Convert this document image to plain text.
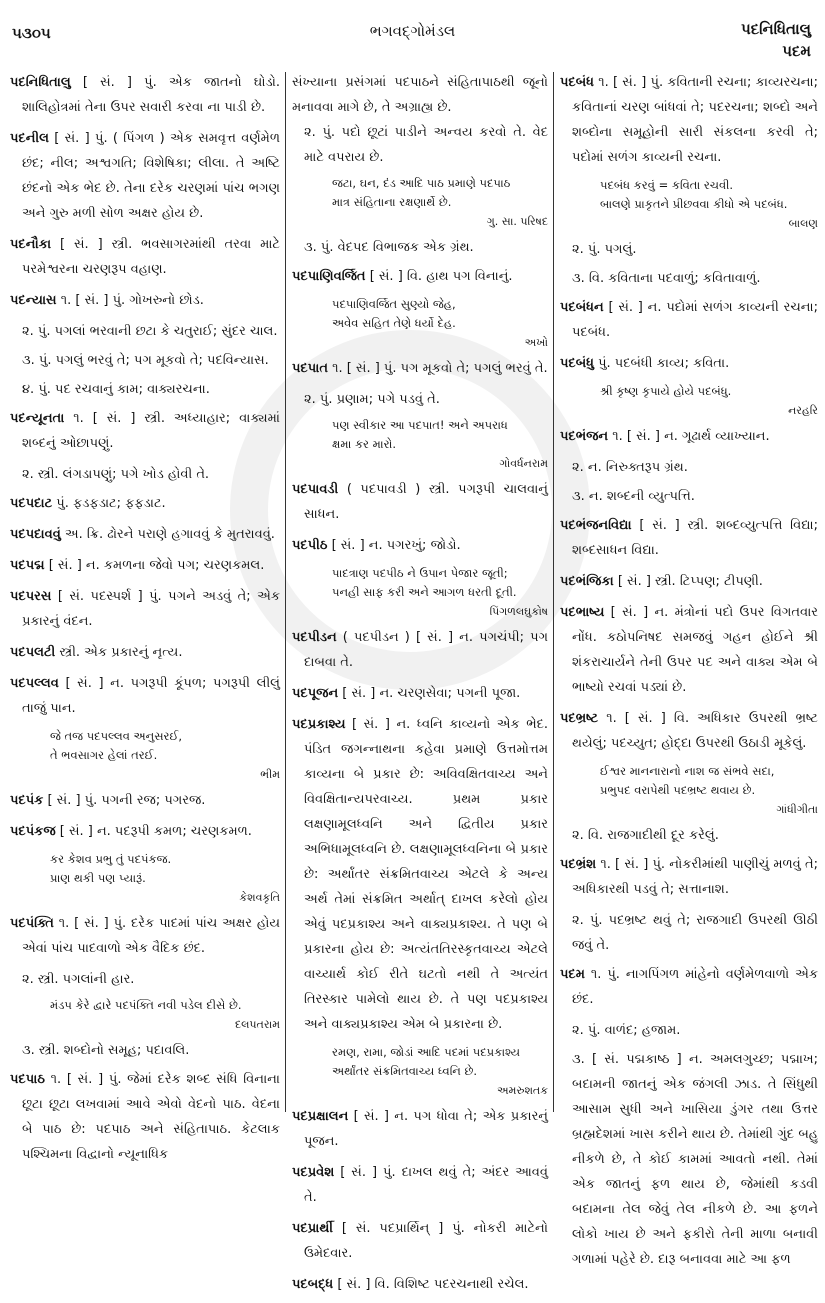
૫૩૦૫	ભગવદ્ગોમંડલ	પદનિધિતાલુ
પદમ
પદનિધિતાલુ [ સં. ] પું. એક જાતનો ઘોડો. શાલિહોત્રમાં તેના ઉપર સવારી કરવા ના પાડી છે.
પદનીલ [ સં. ] પું. ( પિંગળ ) એક સમવૃત્ત વર્ણમેળ છંદ; નીલ; અશ્વગતિ; વિશેષિકા; લીલા. તે અષ્ટિ છંદનો એક ભેદ છે. તેના દરેક ચરણમાં પાંચ ભગણ અને ગુરુ મળી સોળ અક્ષર હોય છે.
પદનૌકા [ સં. ] સ્ત્રી. ભવસાગરમાંથી તરવા માટે પરમેશ્વરના ચરણરૂપ વહાણ.
પદન્યાસ ૧. [ સં. ] પું. ગોખરુનો છોડ.
૨. પું. પગલાં ભરવાની છટા કે ચતુરાઈ; સુંદર ચાલ.
૩. પું. પગલું ભરવું તે; પગ મૂકવો તે; પદવિન્યાસ.
૪. પું. પદ રચવાનું કામ; વાક્યરચના.
પદન્યૂનતા ૧. [ સં. ] સ્ત્રી. અધ્યાહાર; વાક્યમાં શબ્દનું ઓછાપણું.
૨. સ્ત્રી. લંગડાપણું; પગે ખોડ હોવી તે.
પદપદાટ પું. ફડફડાટ; ફફડાટ.
પદપદાવવું અ. ક્રિ. ઢોરને પરાણે હગાવવું કે મુતરાવવું.
પદપદ્મ [ સં. ] ન. કમળના જેવો પગ; ચરણકમલ.
પદપરસ [ સં. પદસ્પર્શ ] પું. પગને અડવું તે; એક પ્રકારનું વંદન.
પદપલટી સ્ત્રી. એક પ્રકારનું નૃત્ય.
પદપલ્લવ [ સં. ] ન. પગરૂપી કૂંપળ; પગરૂપી લીલું તાજું પાન.
જે તજ પદપલ્લવ અનુસરઈ,
તે ભવસાગર હેલાં તરઈ.
ભીમ
પદપંક [ સં. ] પું. પગની રજ; પગરજ.
પદપંકજ [ સં. ] ન. પદરૂપી કમળ; ચરણકમળ.
કર કેશવ પ્રભુ તું પદપંકજ.
પ્રાણ થકી પણ પ્યારૂં.
કેશવકૃતિ
પદપંક્તિ ૧. [ સં. ] પું. દરેક પાદમાં પાંચ અક્ષર હોય એવાં પાંચ પાદવાળો એક વૈદિક છંદ.
૨. સ્ત્રી. પગલાંની હાર.
મંડપ કેરે દ્વારે પદપંક્તિ નવી પડેલ દીસે છે.
દલપતરામ
૩. સ્ત્રી. શબ્દોનો સમૂહ; પદાવલિ.
પદપાઠ ૧. [ સં. ] પું. જેમાં દરેક શબ્દ સંધિ વિનાના છૂટા છૂટા લખવામાં આવે એવો વેદનો પાઠ. વેદના બે પાઠ છે: પદપાઠ અને સંહિતાપાઠ. કેટલાક પશ્ચિમના વિદ્વાનો ન્યૂનાધિક
સંખ્યાના પ્રસંગમાં પદપાઠને સંહિતાપાઠથી જૂનો મનાવવા માગે છે, તે અગ્રાહ્ય છે.
૨. પું. પદો છૂટાં પાડીને અન્વય કરવો તે. વેદ માટે વપરાય છે.
જટા, ઘન, દંડ આદિ પાઠ પ્રમાણે પદપાઠ
માત્ર સંહિતાના રક્ષણાર્થે છે.
ગુ. સા. પરિષદ
૩. પું. વેદપદ વિભાજક એક ગ્રંથ.
પદપાણિવર્જિત [ સં. ] વિ. હાથ પગ વિનાનું.
પદપાણિવર્જિત સુણ્યો જેહ,
અવેવ સહિત તેણે ધર્યો દેહ.
અખો
પદપાત ૧. [ સં. ] પું. પગ મૂકવો તે; પગલું ભરવું તે.
૨. પું. પ્રણામ; પગે પડવું તે.
પણ સ્વીકાર આ પદપાત! અને અપરાધ
ક્ષમા કર મારો.
ગોવર્ધનરામ
પદપાવડી ( પદપાવડી ) સ્ત્રી. પગરૂપી ચાલવાનું સાધન.
પદપીઠ [ સં. ] ન. પગરખું; જોડો.
પાદત્રાણ પદપીઠ ને ઉપાન પેજાર જૂતી;
પનહી સાફ કરી અને આગળ ધરતી દૂતી.
પિંગળલઘુકોષ
પદપીડન ( પદપીડન ) [ સં. ] ન. પગચંપી; પગ દાબવા તે.
પદપૂજન [ સં. ] ન. ચરણસેવા; પગની પૂજા.
પદપ્રકાશ્ય [ સં. ] ન. ધ્વનિ કાવ્યનો એક ભેદ. પંડિત જગન્નાથના કહેવા પ્રમાણે ઉત્તમોત્તમ કાવ્યના બે પ્રકાર છે: અવિવક્ષિતવાચ્ય અને વિવક્ષિતાન્યપરવાચ્ય. પ્રથમ પ્રકાર લક્ષણામૂલધ્વનિ અને દ્વિતીય પ્રકાર અભિધામૂલધ્વનિ છે. લક્ષણામૂલધ્વનિના બે પ્રકાર છે: અર્થાંતર સંક્રમિતવાચ્ય એટલે કે અન્ય અર્થ તેમાં સંક્રમિત અર્થાત્ દાખલ કરેલો હોય એવું પદપ્રકાશ્ય અને વાક્યપ્રકાશ્ય. તે પણ બે પ્રકારના હોય છે: અત્યંતતિરસ્કૃતવાચ્ય એટલે વાચ્યાર્થ કોઈ રીતે ઘટતો નથી તે અત્યંત તિરસ્કાર પામેલો થાય છે. તે પણ પદપ્રકાશ્ય અને વાક્યપ્રકાશ્ય એમ બે પ્રકારના છે.
રમણ, રામા, જોડાં આદિ પદમાં પદપ્રકાશ્ય
અર્થાંતર સંક્રમિતવાચ્ય ધ્વનિ છે.
અમરુશતક
પદપ્રક્ષાલન [ સં. ] ન. પગ ધોવા તે; એક પ્રકારનું પૂજન.
પદપ્રવેશ [ સં. ] પું. દાખલ થવું તે; અંદર આવવું તે.
પદપ્રાર્થી [ સં. પદપ્રાર્થિન્ ] પું. નોકરી માટેનો ઉમેદવાર.
પદબદ્ધ [ સં. ] વિ. વિશિષ્ટ પદરચનાથી રચેલ.
પદબંધ ૧. [ સં. ] પું. કવિતાની રચના; કાવ્યરચના; કવિતાનાં ચરણ બાંધવાં તે; પદરચના; શબ્દો અને શબ્દોના સમૂહોની સારી સંકલના કરવી તે; પદોમાં સળંગ કાવ્યની રચના.
પદબંધ કરવું = કવિતા રચવી.
બાલણે પ્રાકૃતને પ્રીછવવા કીધો એ પદબંધ.
બાલણ
૨. પું. પગલું.
૩. વિ. કવિતાના પદવાળું; કવિતાવાળું.
પદબંધન [ સં. ] ન. પદોમાં સળંગ કાવ્યની રચના; પદબંધ.
પદબંધુ પું. પદબંધી કાવ્ય; કવિતા.
શ્રી કૃષ્ણ કૃપાયે હોયે પદબંધુ.
નરહરિ
પદભંજન ૧. [ સં. ] ન. ગૂઢાર્થ વ્યાખ્યાન.
૨. ન. નિરુક્તરૂપ ગ્રંથ.
૩. ન. શબ્દની વ્યુત્પત્તિ.
પદભંજનવિદ્યા [ સં. ] સ્ત્રી. શબ્દવ્યુત્પત્તિ વિદ્યા; શબ્દસાધન વિદ્યા.
પદભંજિકા [ સં. ] સ્ત્રી. ટિપ્પણ; ટીપણી.
પદભાષ્ય [ સં. ] ન. મંત્રોનાં પદો ઉપર વિગતવાર નોંધ. કઠોપનિષદ સમજવું ગહન હોઈને શ્રી શંકરાચાર્યને તેની ઉપર પદ અને વાક્ય એમ બે ભાષ્યો રચવાં પડ્યાં છે.
પદભ્રષ્ટ ૧. [ સં. ] વિ. અધિકાર ઉપરથી ભ્રષ્ટ થયેલું; પદચ્યુત; હોદ્દા ઉપરથી ઉઠાડી મૂકેલું.
ઈશ્વર માનનારાનો નાશ જ સંભવે સદા,
પ્રભુપદ વરાપેથી પદભ્રષ્ટ થવાય છે.
ગાંધીગીતા
૨. વિ. રાજગાદીથી દૂર કરેલું.
પદભ્રંશ ૧. [ સં. ] પું. નોકરીમાંથી પાણીચું મળવું તે; અધિકારથી પડવું તે; સત્તાનાશ.
૨. પું. પદભ્રષ્ટ થવું તે; રાજગાદી ઉપરથી ઊઠી જવું તે.
પદમ ૧. પું. નાગપિંગળ માંહેનો વર્ણમેળવાળો એક છંદ.
૨. પું. વાળંદ; હજામ.
૩. [ સં. પદ્મકાષ્ઠ ] ન. અમલગુચ્છ; પદ્માખ; બદામની જાતનું એક જંગલી ઝાડ. તે સિંધુથી આસામ સુધી અને ખાસિયા ડુંગર તથા ઉત્તર બ્રહ્મદેશમાં ખાસ કરીને થાય છે. તેમાંથી ગુંદ બહુ નીકળે છે, તે કોઈ કામમાં આવતો નથી. તેમાં એક જાતનું ફળ થાય છે, જેમાંથી કડવી બદામના તેલ જેવું તેલ નીકળે છે. આ ફળને લોકો ખાય છે અને ફકીરો તેની માળા બનાવી ગળામાં પહેરે છે. દારૂ બનાવવા માટે આ ફળ
